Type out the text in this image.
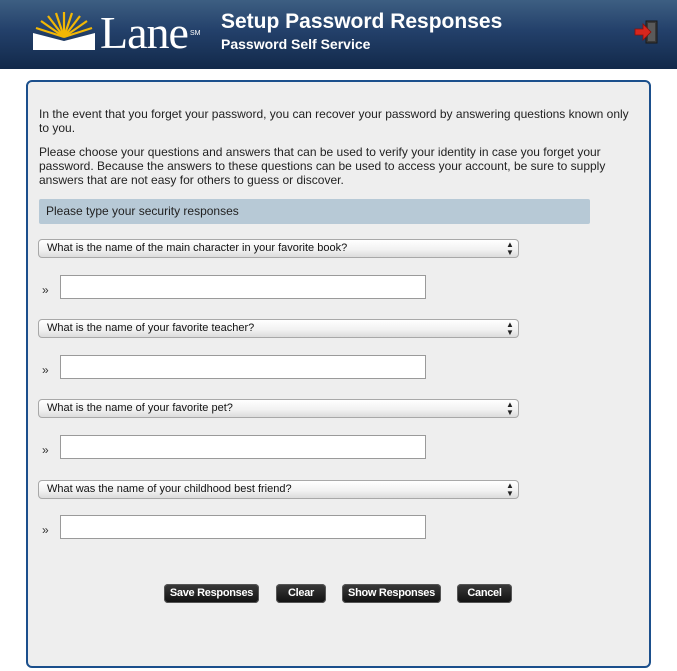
Lane SM
Setup Password Responses
Password Self Service

In the event that you forget your password, you can recover your password by answering questions known only to you.

Please choose your questions and answers that can be used to verify your identity in case you forget your password. Because the answers to these questions can be used to access your account, be sure to supply answers that are not easy for others to guess or discover.

Please type your security responses
What is the name of the main character in your favorite book?	▲
▼
»
What is the name of your favorite teacher?	▲
▼
»
What is the name of your favorite pet?	▲
▼
»
What was the name of your childhood best friend?	▲
▼
»
Save Responses	Clear	Show Responses	Cancel
